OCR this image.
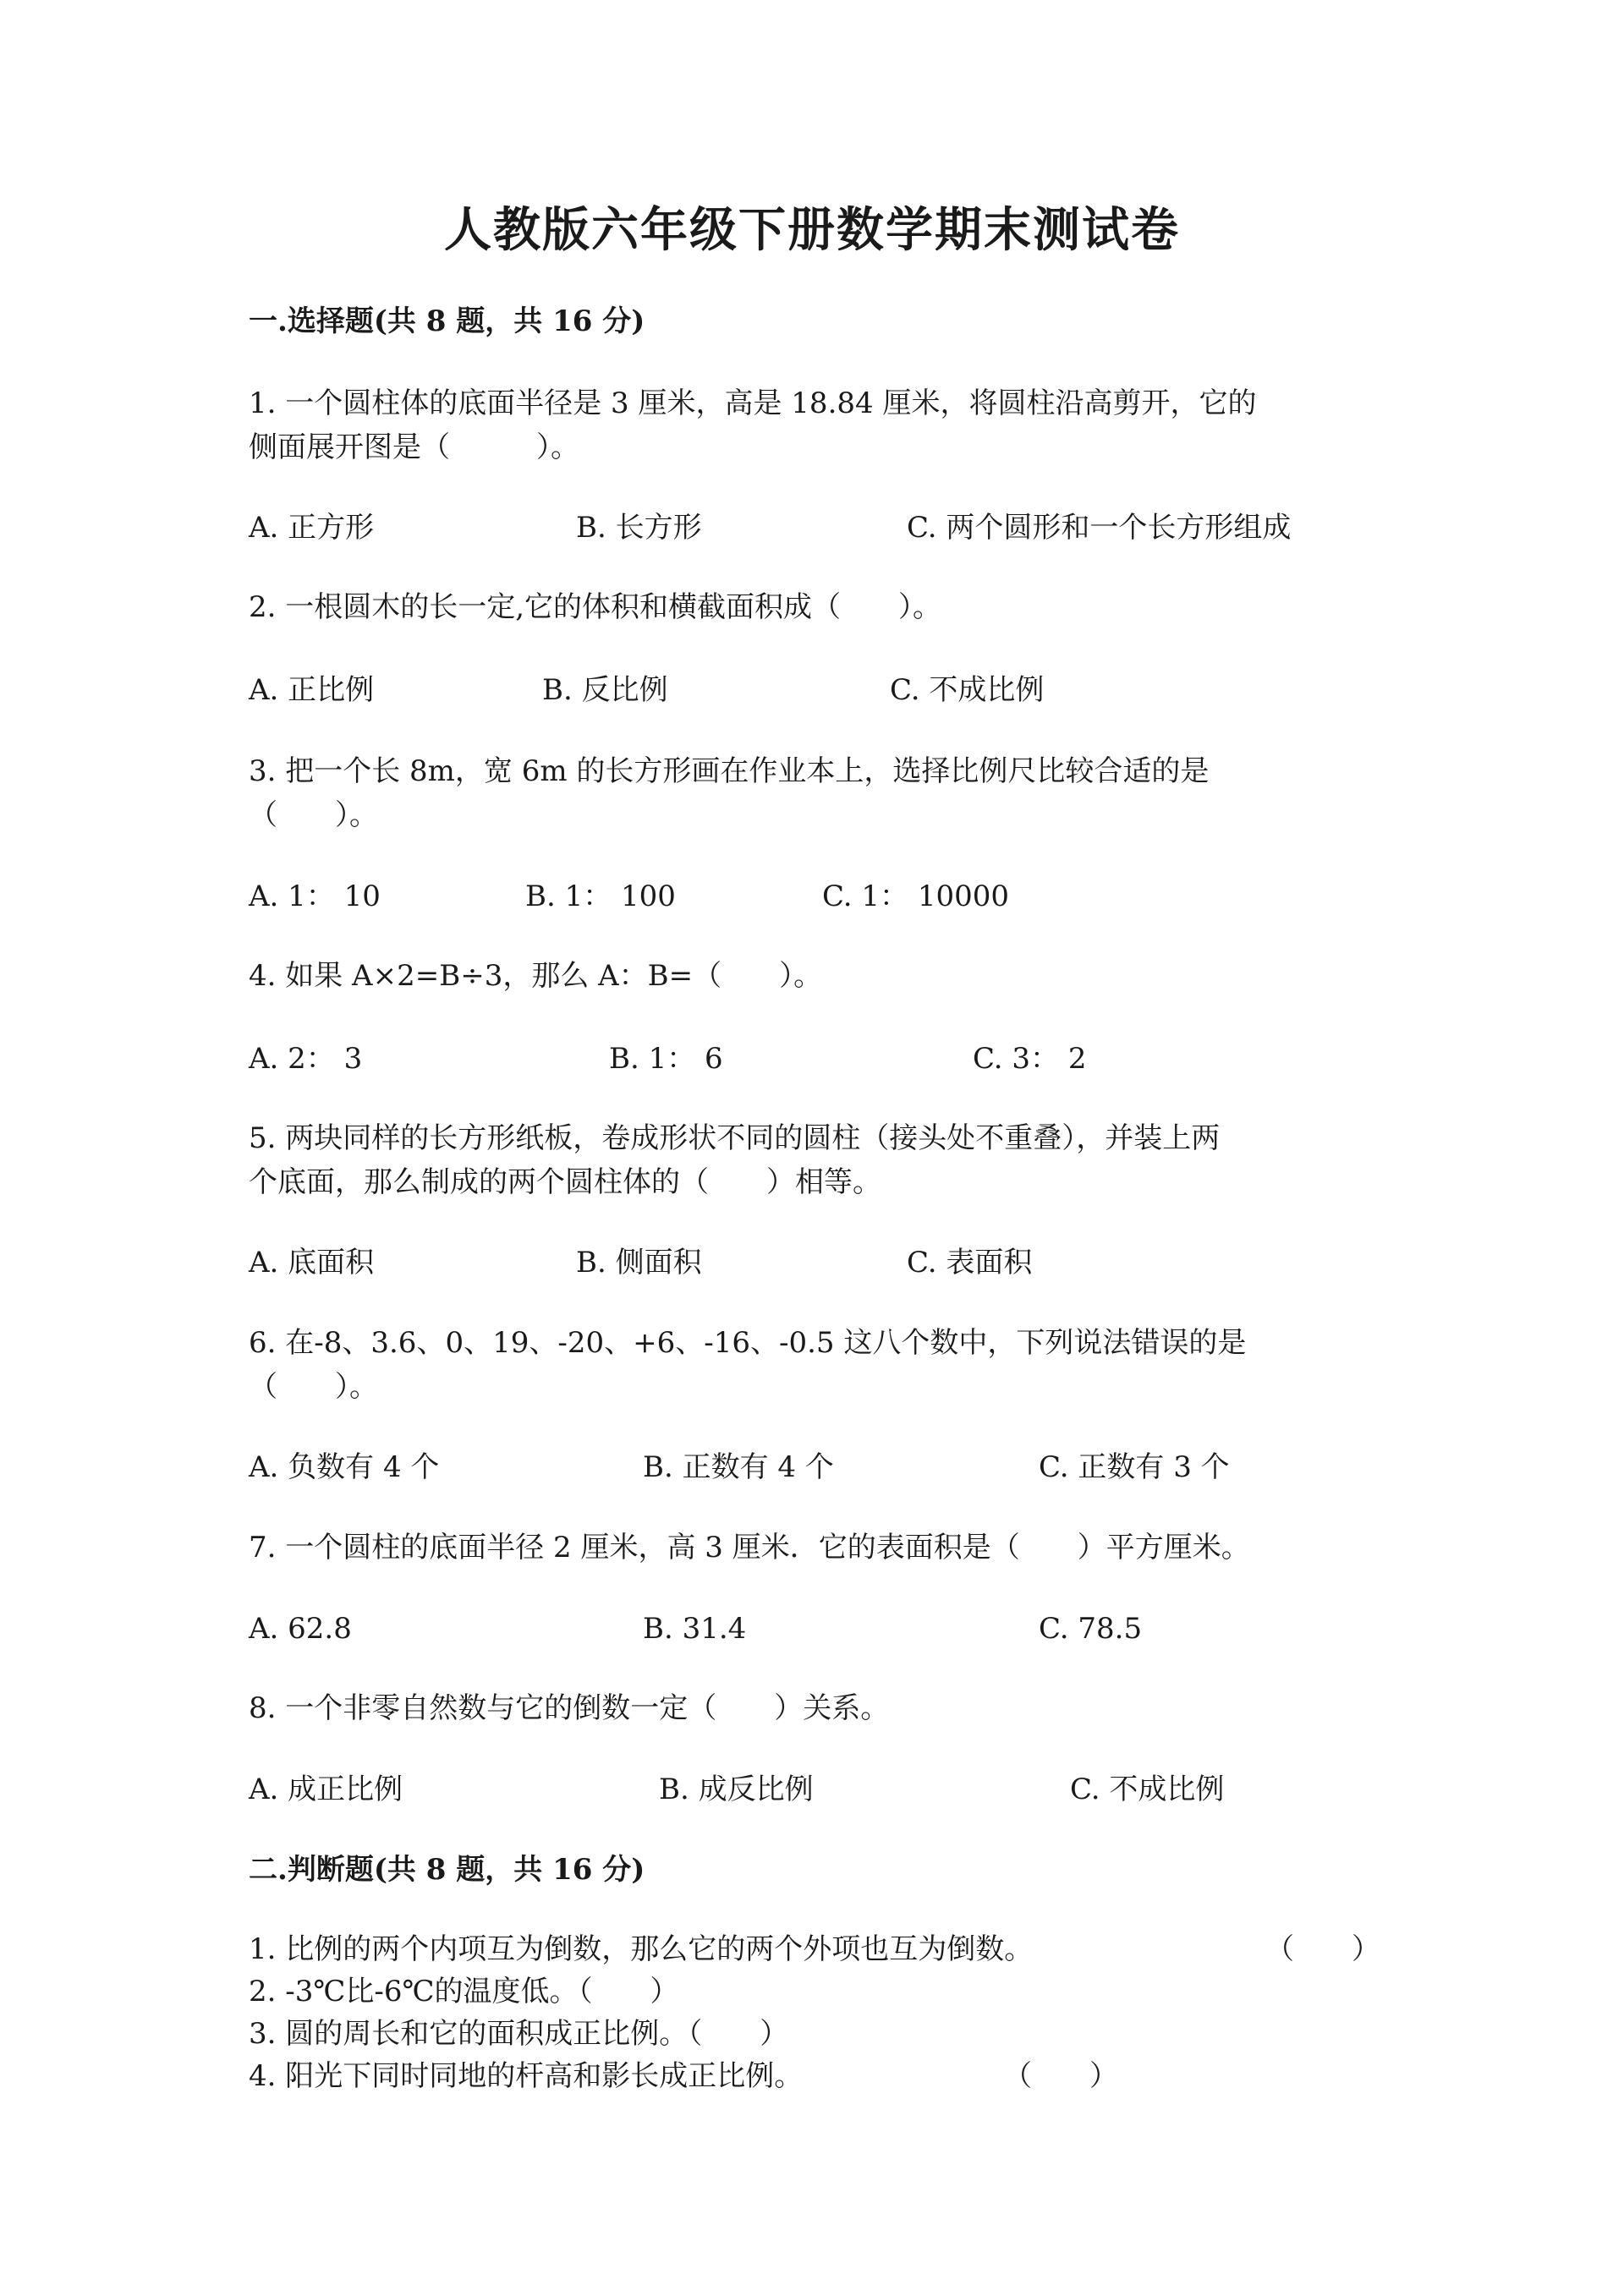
人教版六年级下册数学期末测试卷
一.选择题(共 8 题，共 16 分)
1. 一个圆柱体的底面半径是 3 厘米，高是 18.84 厘米，将圆柱沿高剪开，它的
侧面展开图是（　　　）。
A. 正方形	B. 长方形	C. 两个圆形和一个长方形组成
2. 一根圆木的长一定,它的体积和横截面积成（　　）。
A. 正比例	B. 反比例	C. 不成比例
3. 把一个长 8m，宽 6m 的长方形画在作业本上，选择比例尺比较合适的是
（　　）。
A. 1： 10	B. 1： 100	C. 1： 10000
4. 如果 A×2=B÷3，那么 A：B=（　　）。
A. 2： 3	B. 1： 6	C. 3： 2
5. 两块同样的长方形纸板，卷成形状不同的圆柱（接头处不重叠），并装上两
个底面，那么制成的两个圆柱体的（　　）相等。
A. 底面积	B. 侧面积	C. 表面积
6. 在-8、3.6、0、19、-20、+6、-16、-0.5 这八个数中，下列说法错误的是
（　　）。
A. 负数有 4 个	B. 正数有 4 个	C. 正数有 3 个
7. 一个圆柱的底面半径 2 厘米，高 3 厘米．它的表面积是（　　）平方厘米。
A. 62.8	B. 31.4	C. 78.5
8. 一个非零自然数与它的倒数一定（　　）关系。
A. 成正比例	B. 成反比例	C. 不成比例
二.判断题(共 8 题，共 16 分)
1. 比例的两个内项互为倒数，那么它的两个外项也互为倒数。	（　　）
2. -3℃比-6℃的温度低。（　　）
3. 圆的周长和它的面积成正比例。（　　）
4. 阳光下同时同地的杆高和影长成正比例。	（　　）
